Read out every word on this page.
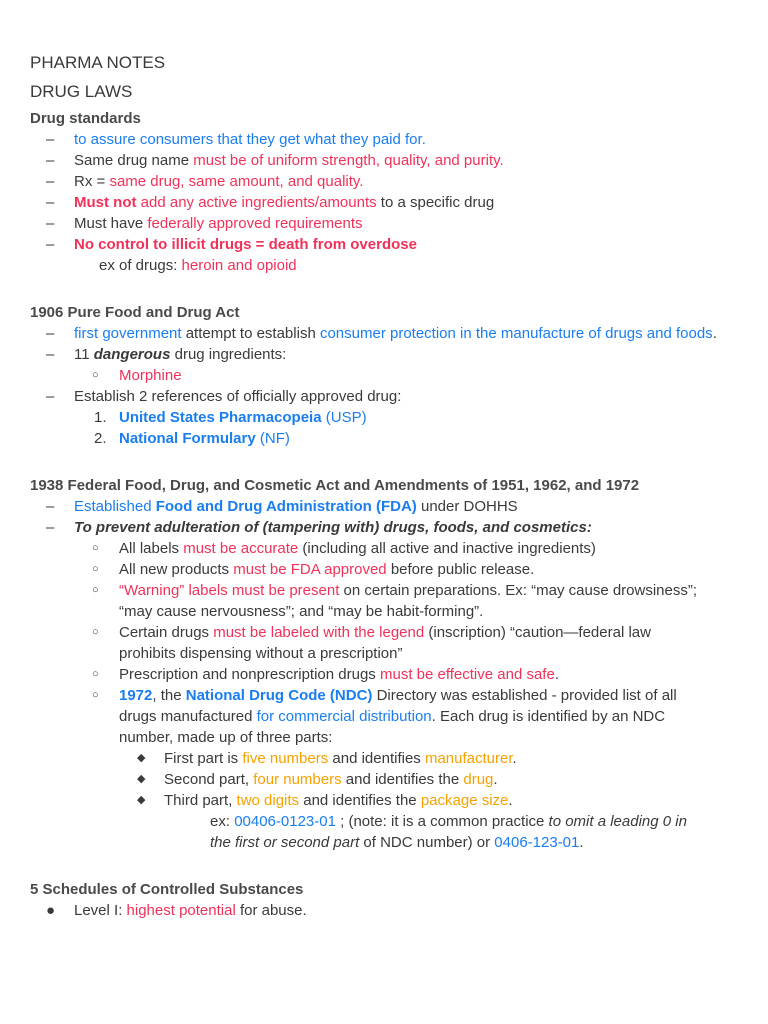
PHARMA NOTES
DRUG LAWS
Drug standards

– to assure consumers that they get what they paid for.

– Same drug name must be of uniform strength, quality, and purity.

– Rx = same drug, same amount, and quality.

– Must not add any active ingredients/amounts to a specific drug

– Must have federally approved requirements

– No control to illicit drugs = death from overdose

ex of drugs: heroin and opioid

1906 Pure Food and Drug Act

– first government attempt to establish consumer protection in the manufacture of drugs and foods.

– 11 dangerous drug ingredients:

○ Morphine

– Establish 2 references of officially approved drug:

1. United States Pharmacopeia (USP)

2. National Formulary (NF)

1938 Federal Food, Drug, and Cosmetic Act and Amendments of 1951, 1962, and 1972

– Established Food and Drug Administration (FDA) under DOHHS

– To prevent adulteration of (tampering with) drugs, foods, and cosmetics:

○ All labels must be accurate (including all active and inactive ingredients)

○ All new products must be FDA approved before public release.

○ “Warning” labels must be present on certain preparations. Ex: “may cause drowsiness”;
“may cause nervousness”; and “may be habit-forming”.

○ Certain drugs must be labeled with the legend (inscription) “caution—federal law
prohibits dispensing without a prescription”

○ Prescription and nonprescription drugs must be effective and safe.

○ 1972, the National Drug Code (NDC) Directory was established - provided list of all
drugs manufactured for commercial distribution. Each drug is identified by an NDC
number, made up of three parts:

◆ First part is five numbers and identifies manufacturer.

◆ Second part, four numbers and identifies the drug.

◆ Third part, two digits and identifies the package size.

ex: 00406-0123-01 ; (note: it is a common practice to omit a leading 0 in
the first or second part of NDC number) or 0406-123-01.

5 Schedules of Controlled Substances

● Level I: highest potential for abuse.
